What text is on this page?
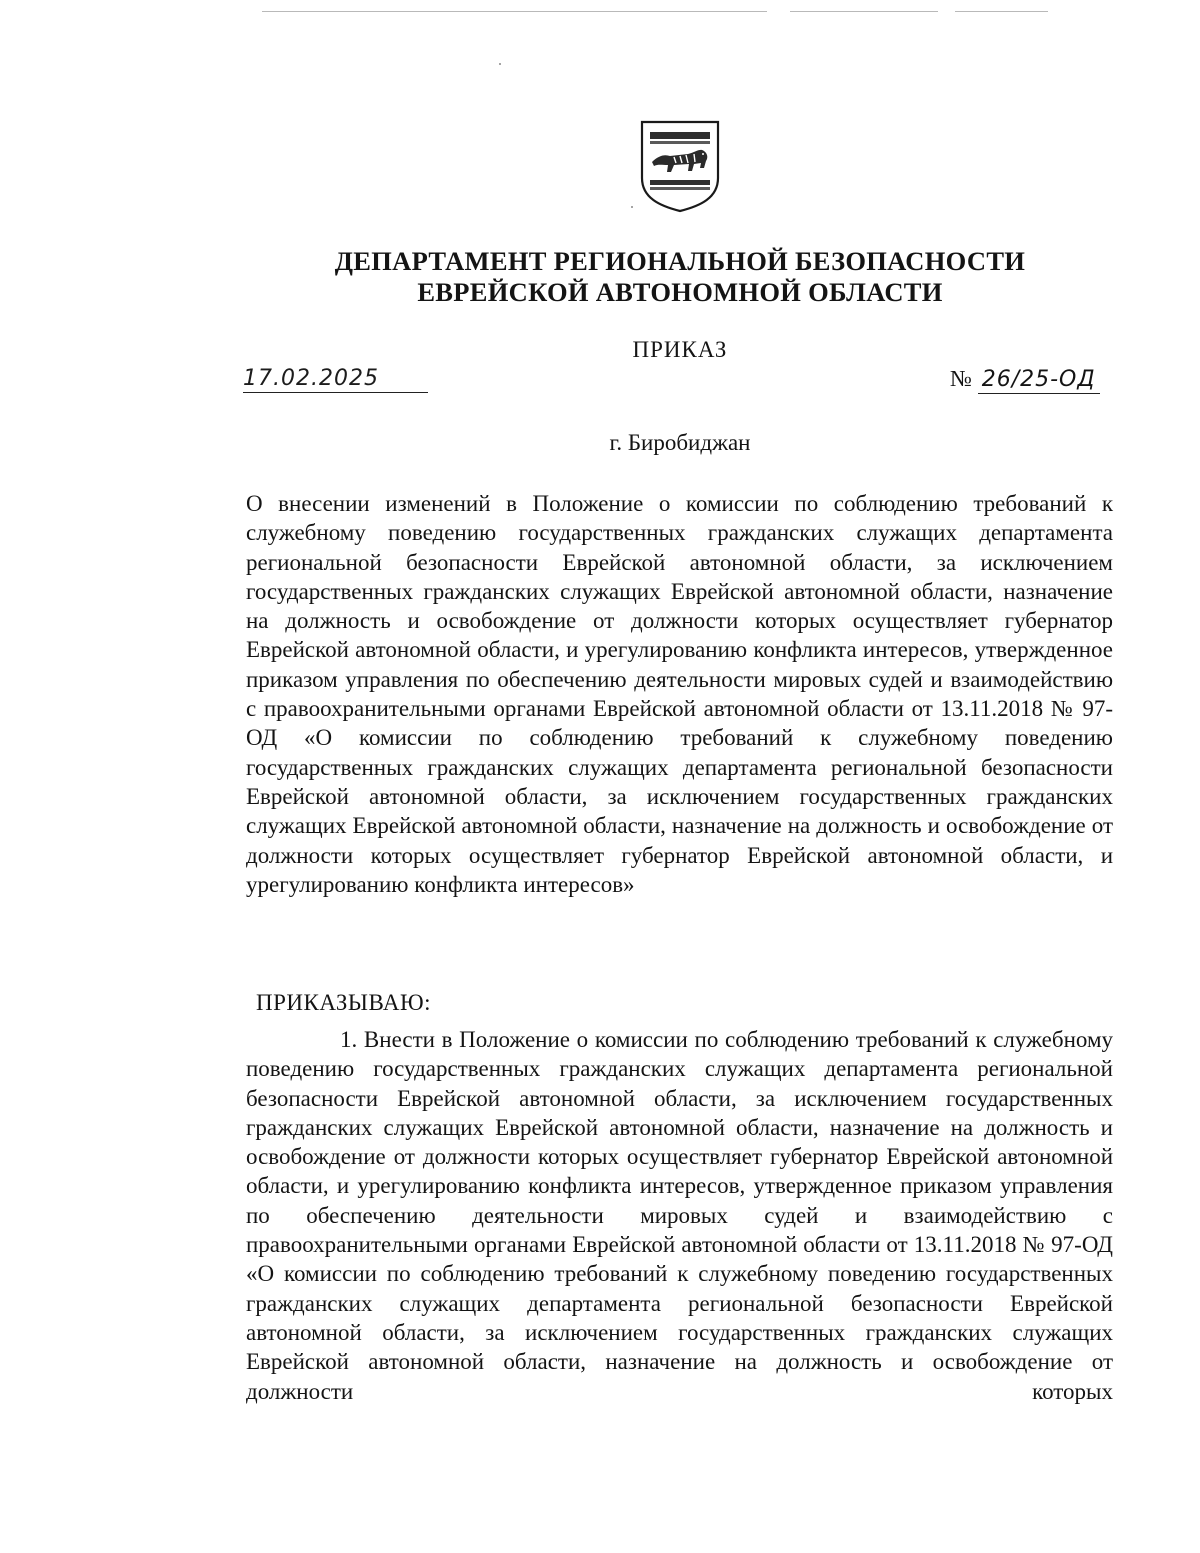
ДЕПАРТАМЕНТ РЕГИОНАЛЬНОЙ БЕЗОПАСНОСТИ
ЕВРЕЙСКОЙ АВТОНОМНОЙ ОБЛАСТИ
ПРИКАЗ
17.02.2025	№ 26/25-ОД
г. Биробиджан
О внесении изменений в Положение о комиссии по соблюдению требований к служебному поведению государственных гражданских служащих департамента региональной безопасности Еврейской автономной области, за исключением государственных гражданских служащих Еврейской автономной области, назначение на должность и освобождение от должности которых осуществляет губернатор Еврейской автономной области, и урегулированию конфликта интересов, утвержденное приказом управления по обеспечению деятельности мировых судей и взаимодействию с правоохранительными органами Еврейской автономной области от 13.11.2018 № 97-ОД «О комиссии по соблюдению требований к служебному поведению государственных гражданских служащих департамента региональной безопасности Еврейской автономной области, за исключением государственных гражданских служащих Еврейской автономной области, назначение на должность и освобождение от должности которых осуществляет губернатор Еврейской автономной области, и урегулированию конфликта интересов»
ПРИКАЗЫВАЮ:
1. Внести в Положение о комиссии по соблюдению требований к служебному поведению государственных гражданских служащих департамента региональной безопасности Еврейской автономной области, за исключением государственных гражданских служащих Еврейской автономной области, назначение на должность и освобождение от должности которых осуществляет губернатор Еврейской автономной области, и урегулированию конфликта интересов, утвержденное приказом управления по обеспечению деятельности мировых судей и взаимодействию с правоохранительными органами Еврейской автономной области от 13.11.2018 № 97-ОД «О комиссии по соблюдению требований к служебному поведению государственных гражданских служащих департамента региональной безопасности Еврейской автономной области, за исключением государственных гражданских служащих Еврейской автономной области, назначение на должность и освобождение от должности которых
